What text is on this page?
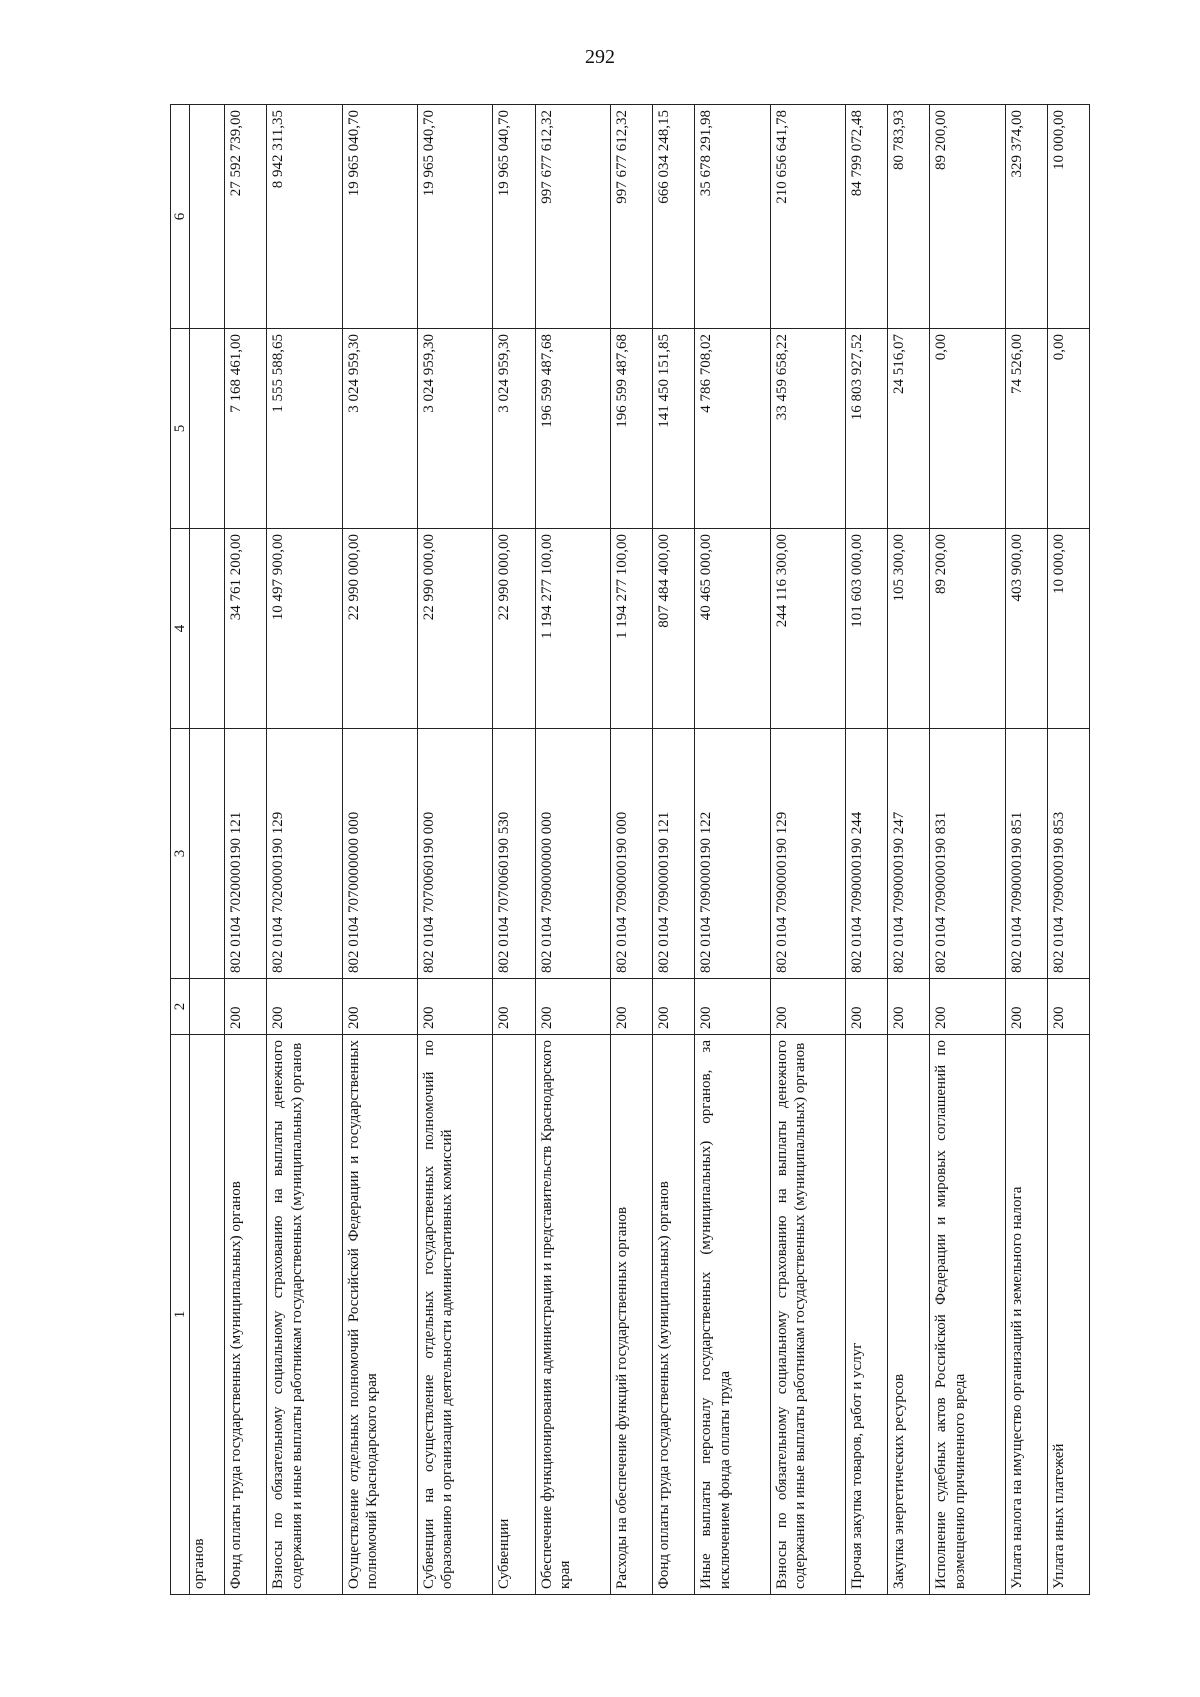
292
1	2	3	4	5	6
органов					
Фонд оплаты труда государственных (муниципальных) органов	200	802 0104 7020000190 121	34 761 200,00	7 168 461,00	27 592 739,00
Взносы по обязательному социальному страхованию на выплаты денежного содержания и иные выплаты работникам государственных (муниципальных) органов	200	802 0104 7020000190 129	10 497 900,00	1 555 588,65	8 942 311,35
Осуществление отдельных полномочий Российской Федерации и государственных полномочий Краснодарского края	200	802 0104 7070000000 000	22 990 000,00	3 024 959,30	19 965 040,70
Субвенции на осуществление отдельных государственных полномочий по образованию и организации деятельности административных комиссий	200	802 0104 7070060190 000	22 990 000,00	3 024 959,30	19 965 040,70
Субвенции	200	802 0104 7070060190 530	22 990 000,00	3 024 959,30	19 965 040,70
Обеспечение функционирования администрации и представительств Краснодарского края	200	802 0104 7090000000 000	1 194 277 100,00	196 599 487,68	997 677 612,32
Расходы на обеспечение функций государственных органов	200	802 0104 7090000190 000	1 194 277 100,00	196 599 487,68	997 677 612,32
Фонд оплаты труда государственных (муниципальных) органов	200	802 0104 7090000190 121	807 484 400,00	141 450 151,85	666 034 248,15
Иные выплаты персоналу государственных (муниципальных) органов, за исключением фонда оплаты труда	200	802 0104 7090000190 122	40 465 000,00	4 786 708,02	35 678 291,98
Взносы по обязательному социальному страхованию на выплаты денежного содержания и иные выплаты работникам государственных (муниципальных) органов	200	802 0104 7090000190 129	244 116 300,00	33 459 658,22	210 656 641,78
Прочая закупка товаров, работ и услуг	200	802 0104 7090000190 244	101 603 000,00	16 803 927,52	84 799 072,48
Закупка энергетических ресурсов	200	802 0104 7090000190 247	105 300,00	24 516,07	80 783,93
Исполнение судебных актов Российской Федерации и мировых соглашений по возмещению причиненного вреда	200	802 0104 7090000190 831	89 200,00	0,00	89 200,00
Уплата налога на имущество организаций и земельного налога	200	802 0104 7090000190 851	403 900,00	74 526,00	329 374,00
Уплата иных платежей	200	802 0104 7090000190 853	10 000,00	0,00	10 000,00
